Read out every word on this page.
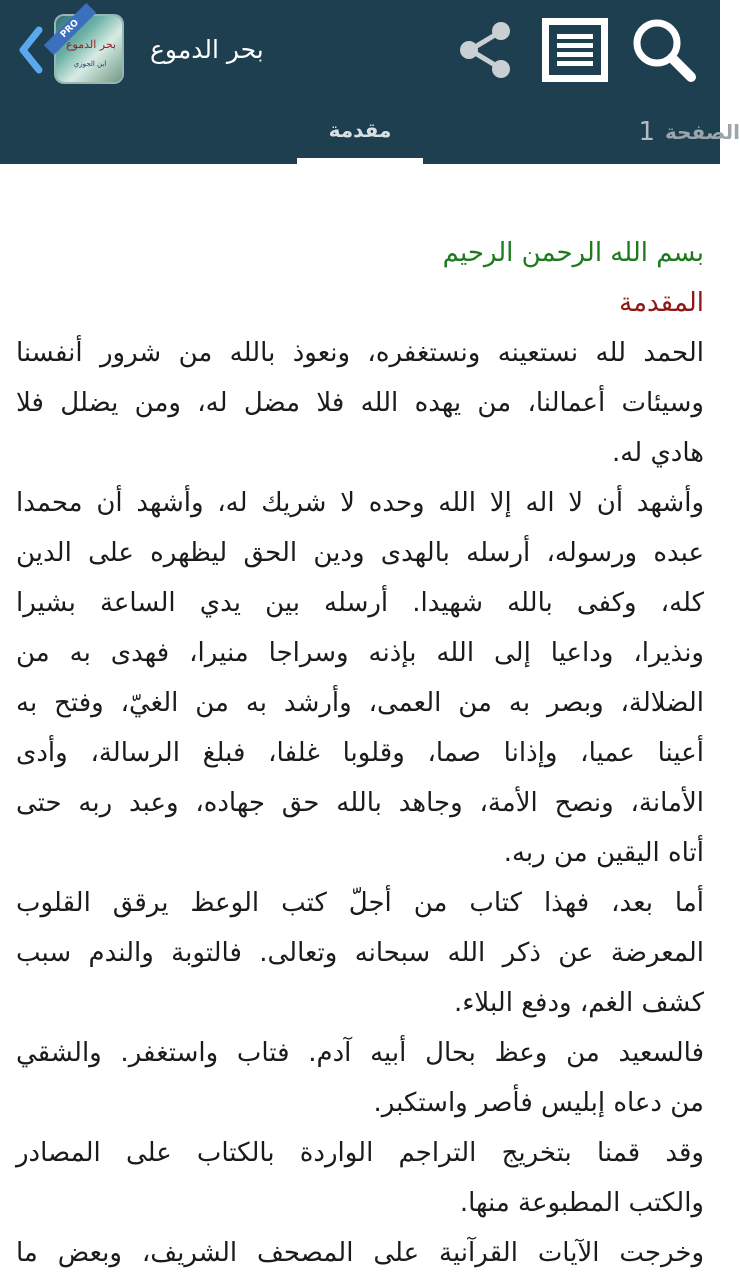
PRO
بحر الدموع
ابن الجوزي	بحر الدموع
مقدمة	الصفحة
1
بسم الله الرحمن الرحيم
المقدمة
الحمد لله نستعينه ونستغفره، ونعوذ بالله من شرور أنفسنا
وسيئات أعمالنا، من يهده الله فلا مضل له، ومن يضلل فلا
هادي له.
وأشهد أن لا اله إلا الله وحده لا شريك له، وأشهد أن محمدا
عبده ورسوله، أرسله بالهدى ودين الحق ليظهره على الدين
كله، وكفى بالله شهيدا. أرسله بين يدي الساعة بشيرا
ونذيرا، وداعيا إلى الله بإذنه وسراجا منيرا، فهدى به من
الضلالة، وبصر به من العمى، وأرشد به من الغيّ، وفتح به
أعينا عميا، وإذانا صما، وقلوبا غلفا، فبلغ الرسالة، وأدى
الأمانة، ونصح الأمة، وجاهد بالله حق جهاده، وعبد ربه حتى
أتاه اليقين من ربه.
أما بعد، فهذا كتاب من أجلّ كتب الوعظ يرقق القلوب
المعرضة عن ذكر الله سبحانه وتعالى. فالتوبة والندم سبب
كشف الغم، ودفع البلاء.
فالسعيد من وعظ بحال أبيه آدم. فتاب واستغفر. والشقي
من دعاه إبليس فأصر واستكبر.
وقد قمنا بتخريج التراجم الواردة بالكتاب على المصادر
والكتب المطبوعة منها.
وخرجت الآيات القرآنية على المصحف الشريف، وبعض ما
